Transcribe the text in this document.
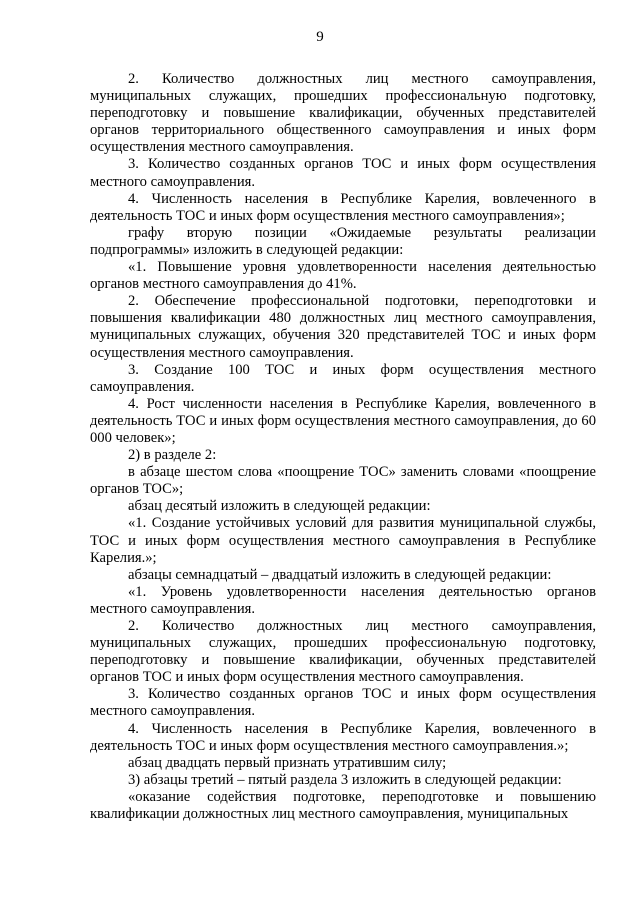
9

2. Количество должностных лиц местного самоуправления, муниципальных служащих, прошедших профессиональную подготовку, переподготовку и повышение квалификации, обученных представителей органов территориального общественного самоуправления и иных форм осуществления местного самоуправления.

3. Количество созданных органов ТОС и иных форм осуществления местного самоуправления.

4. Численность населения в Республике Карелия, вовлеченного в деятельность ТОС и иных форм осуществления местного самоуправления»;

графу вторую позиции «Ожидаемые результаты реализации подпрограммы» изложить в следующей редакции:

«1. Повышение уровня удовлетворенности населения деятельностью органов местного самоуправления до 41%.

2. Обеспечение профессиональной подготовки, переподготовки и повышения квалификации 480 должностных лиц местного самоуправления, муниципальных служащих, обучения 320 представителей ТОС и иных форм осуществления местного самоуправления.

3. Создание 100 ТОС и иных форм осуществления местного самоуправления.

4. Рост численности населения в Республике Карелия, вовлеченного в деятельность ТОС и иных форм осуществления местного самоуправления, до 60 000 человек»;

2) в разделе 2:

в абзаце шестом слова «поощрение ТОС» заменить словами «поощрение органов ТОС»;

абзац десятый изложить в следующей редакции:

«1. Создание устойчивых условий для развития муниципальной службы, ТОС и иных форм осуществления местного самоуправления в Республике Карелия.»;

абзацы семнадцатый – двадцатый изложить в следующей редакции:

«1. Уровень удовлетворенности населения деятельностью органов местного самоуправления.

2. Количество должностных лиц местного самоуправления, муниципальных служащих, прошедших профессиональную подготовку, переподготовку и повышение квалификации, обученных представителей органов ТОС и иных форм осуществления местного самоуправления.

3. Количество созданных органов ТОС и иных форм осуществления местного самоуправления.

4. Численность населения в Республике Карелия, вовлеченного в деятельность ТОС и иных форм осуществления местного самоуправления.»;

абзац двадцать первый признать утратившим силу;

3) абзацы третий – пятый раздела 3 изложить в следующей редакции:

«оказание содействия подготовке, переподготовке и повышению квалификации должностных лиц местного самоуправления, муниципальных
